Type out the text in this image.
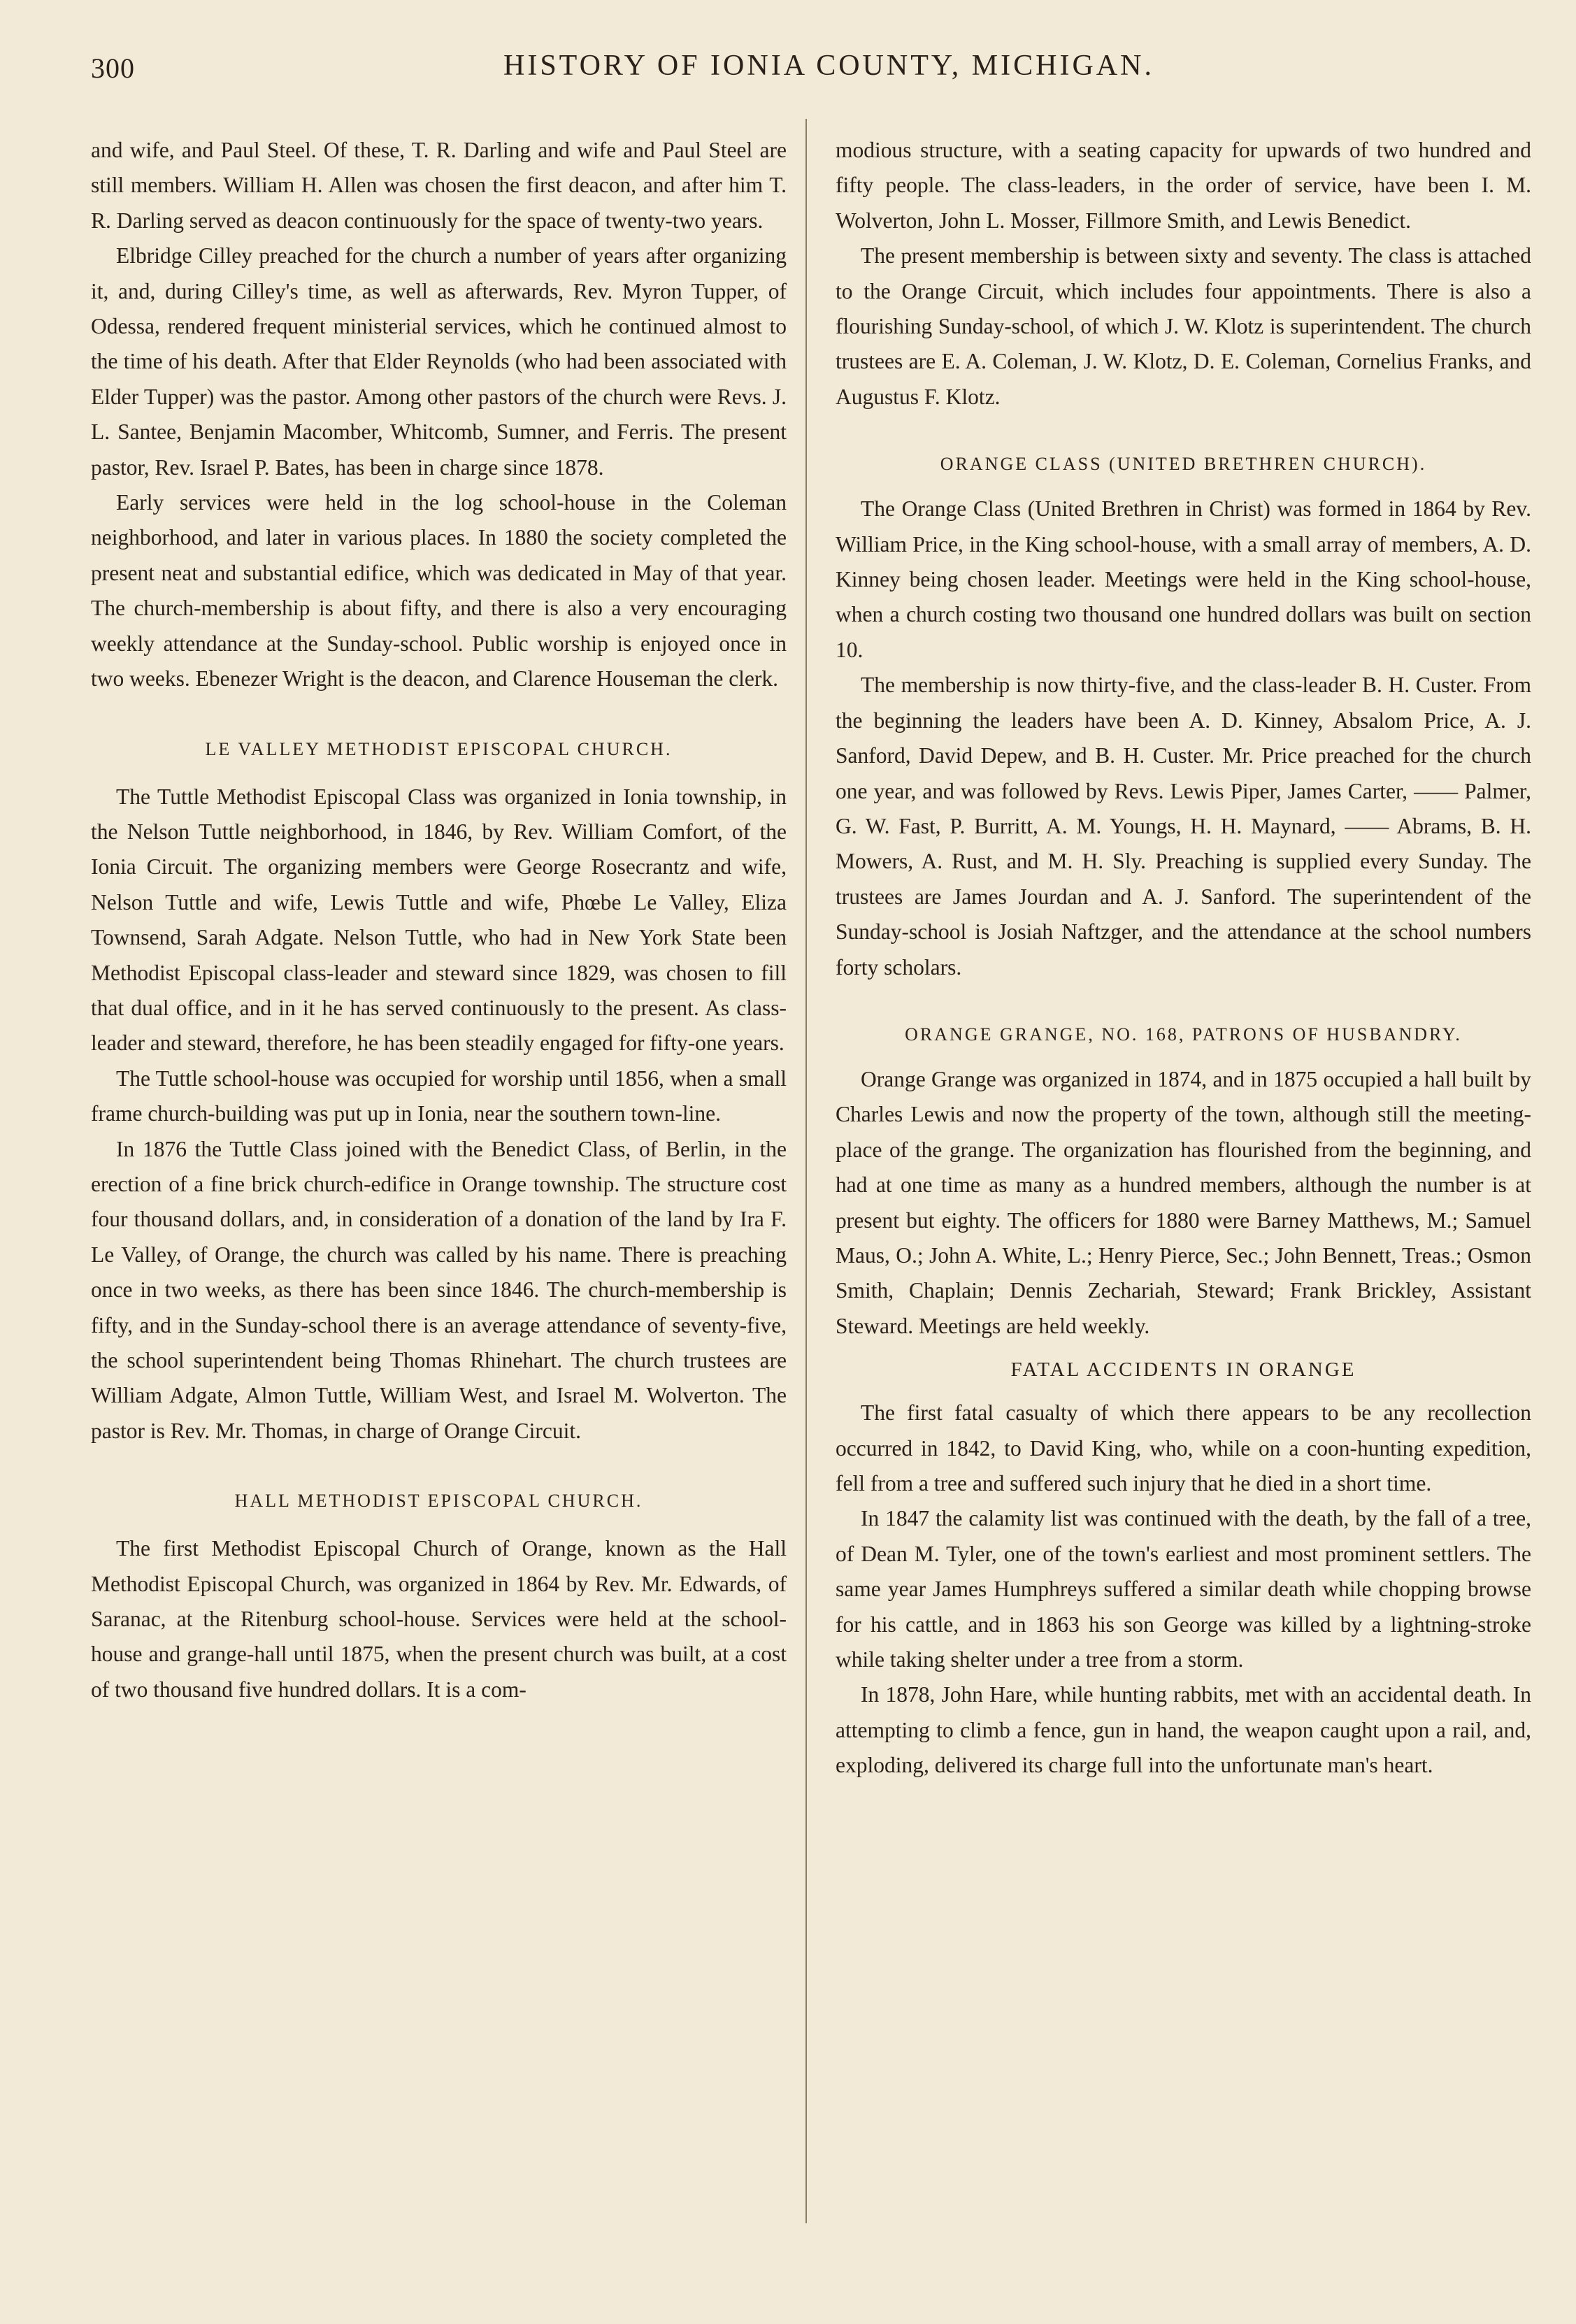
300	HISTORY OF IONIA COUNTY, MICHIGAN.

and wife, and Paul Steel. Of these, T. R. Darling and wife and Paul Steel are still members. William H. Allen was chosen the first deacon, and after him T. R. Darling served as deacon continuously for the space of twenty-two years.

Elbridge Cilley preached for the church a number of years after organizing it, and, during Cilley's time, as well as afterwards, Rev. Myron Tupper, of Odessa, rendered frequent ministerial services, which he continued almost to the time of his death. After that Elder Reynolds (who had been associated with Elder Tupper) was the pastor. Among other pastors of the church were Revs. J. L. Santee, Benjamin Macomber, Whitcomb, Sumner, and Ferris. The present pastor, Rev. Israel P. Bates, has been in charge since 1878.

Early services were held in the log school-house in the Coleman neighborhood, and later in various places. In 1880 the society completed the present neat and substantial edifice, which was dedicated in May of that year. The church-membership is about fifty, and there is also a very encouraging weekly attendance at the Sunday-school. Public worship is enjoyed once in two weeks. Ebenezer Wright is the deacon, and Clarence Houseman the clerk.

LE VALLEY METHODIST EPISCOPAL CHURCH.

The Tuttle Methodist Episcopal Class was organized in Ionia township, in the Nelson Tuttle neighborhood, in 1846, by Rev. William Comfort, of the Ionia Circuit. The organizing members were George Rosecrantz and wife, Nelson Tuttle and wife, Lewis Tuttle and wife, Phœbe Le Valley, Eliza Townsend, Sarah Adgate. Nelson Tuttle, who had in New York State been Methodist Episcopal class-leader and steward since 1829, was chosen to fill that dual office, and in it he has served continuously to the present. As class-leader and steward, therefore, he has been steadily engaged for fifty-one years.

The Tuttle school-house was occupied for worship until 1856, when a small frame church-building was put up in Ionia, near the southern town-line.

In 1876 the Tuttle Class joined with the Benedict Class, of Berlin, in the erection of a fine brick church-edifice in Orange township. The structure cost four thousand dollars, and, in consideration of a donation of the land by Ira F. Le Valley, of Orange, the church was called by his name. There is preaching once in two weeks, as there has been since 1846. The church-membership is fifty, and in the Sunday-school there is an average attendance of seventy-five, the school superintendent being Thomas Rhinehart. The church trustees are William Adgate, Almon Tuttle, William West, and Israel M. Wolverton. The pastor is Rev. Mr. Thomas, in charge of Orange Circuit.

HALL METHODIST EPISCOPAL CHURCH.

The first Methodist Episcopal Church of Orange, known as the Hall Methodist Episcopal Church, was organized in 1864 by Rev. Mr. Edwards, of Saranac, at the Ritenburg school-house. Services were held at the school-house and grange-hall until 1875, when the present church was built, at a cost of two thousand five hundred dollars. It is a com-

modious structure, with a seating capacity for upwards of two hundred and fifty people. The class-leaders, in the order of service, have been I. M. Wolverton, John L. Mosser, Fillmore Smith, and Lewis Benedict.

The present membership is between sixty and seventy. The class is attached to the Orange Circuit, which includes four appointments. There is also a flourishing Sunday-school, of which J. W. Klotz is superintendent. The church trustees are E. A. Coleman, J. W. Klotz, D. E. Coleman, Cornelius Franks, and Augustus F. Klotz.

ORANGE CLASS (UNITED BRETHREN CHURCH).

The Orange Class (United Brethren in Christ) was formed in 1864 by Rev. William Price, in the King school-house, with a small array of members, A. D. Kinney being chosen leader. Meetings were held in the King school-house, when a church costing two thousand one hundred dollars was built on section 10.

The membership is now thirty-five, and the class-leader B. H. Custer. From the beginning the leaders have been A. D. Kinney, Absalom Price, A. J. Sanford, David Depew, and B. H. Custer. Mr. Price preached for the church one year, and was followed by Revs. Lewis Piper, James Carter, —— Palmer, G. W. Fast, P. Burritt, A. M. Youngs, H. H. Maynard, —— Abrams, B. H. Mowers, A. Rust, and M. H. Sly. Preaching is supplied every Sunday. The trustees are James Jourdan and A. J. Sanford. The superintendent of the Sunday-school is Josiah Naftzger, and the attendance at the school numbers forty scholars.

ORANGE GRANGE, NO. 168, PATRONS OF HUSBANDRY.

Orange Grange was organized in 1874, and in 1875 occupied a hall built by Charles Lewis and now the property of the town, although still the meeting-place of the grange. The organization has flourished from the beginning, and had at one time as many as a hundred members, although the number is at present but eighty. The officers for 1880 were Barney Matthews, M.; Samuel Maus, O.; John A. White, L.; Henry Pierce, Sec.; John Bennett, Treas.; Osmon Smith, Chaplain; Dennis Zechariah, Steward; Frank Brickley, Assistant Steward. Meetings are held weekly.

FATAL ACCIDENTS IN ORANGE

The first fatal casualty of which there appears to be any recollection occurred in 1842, to David King, who, while on a coon-hunting expedition, fell from a tree and suffered such injury that he died in a short time.

In 1847 the calamity list was continued with the death, by the fall of a tree, of Dean M. Tyler, one of the town's earliest and most prominent settlers. The same year James Humphreys suffered a similar death while chopping browse for his cattle, and in 1863 his son George was killed by a lightning-stroke while taking shelter under a tree from a storm.

In 1878, John Hare, while hunting rabbits, met with an accidental death. In attempting to climb a fence, gun in hand, the weapon caught upon a rail, and, exploding, delivered its charge full into the unfortunate man's heart.
